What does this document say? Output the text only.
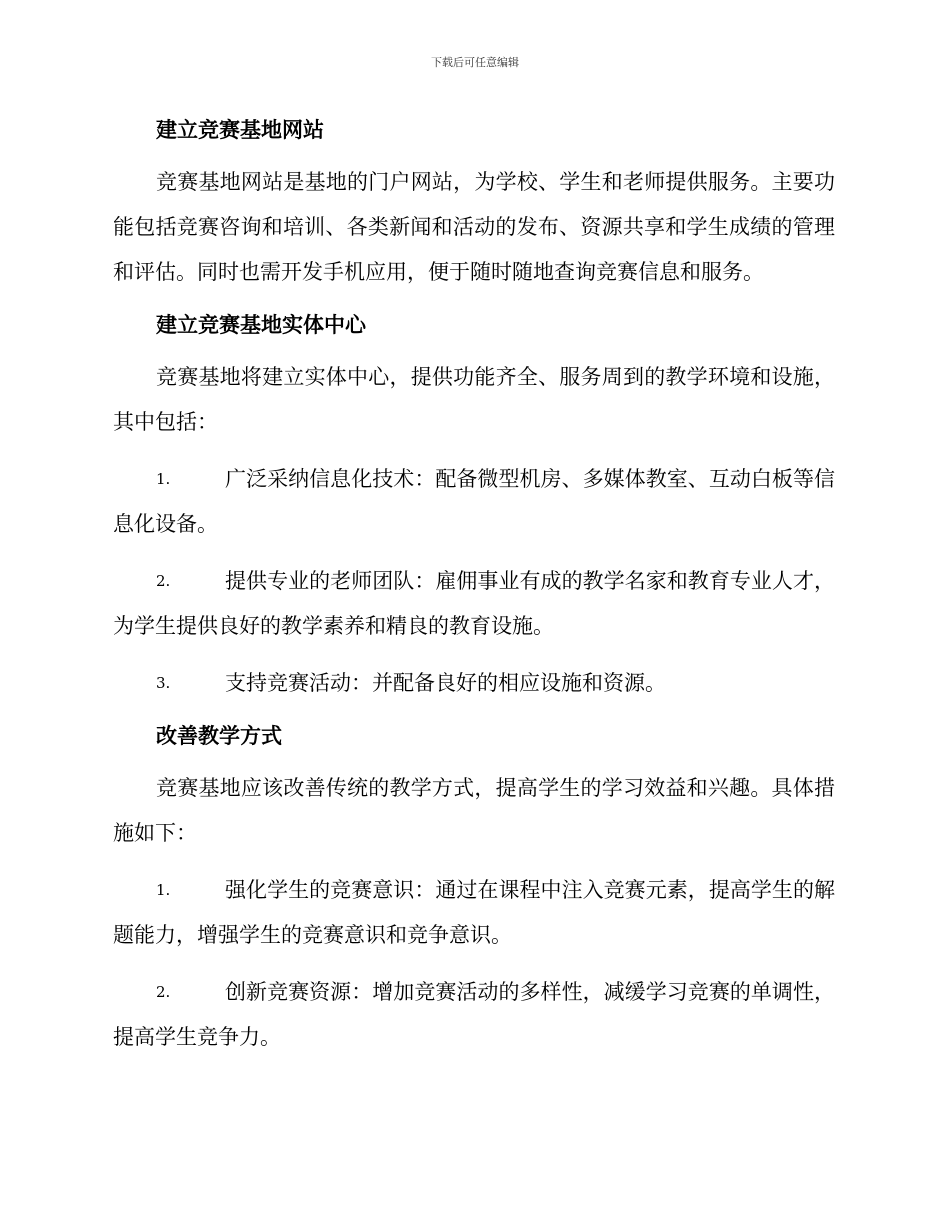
下载后可任意编辑
建立竞赛基地网站

竞赛基地网站是基地的门户网站，为学校、学生和老师提供服务。主要功能包括竞赛咨询和培训、各类新闻和活动的发布、资源共享和学生成绩的管理和评估。同时也需开发手机应用，便于随时随地查询竞赛信息和服务。

建立竞赛基地实体中心

竞赛基地将建立实体中心，提供功能齐全、服务周到的教学环境和设施，其中包括：

1.	广泛采纳信息化技术：配备微型机房、多媒体教室、互动白板等信息化设备。

2.	提供专业的老师团队：雇佣事业有成的教学名家和教育专业人才，为学生提供良好的教学素养和精良的教育设施。

3.	支持竞赛活动：并配备良好的相应设施和资源。

改善教学方式

竞赛基地应该改善传统的教学方式，提高学生的学习效益和兴趣。具体措施如下：

1.	强化学生的竞赛意识：通过在课程中注入竞赛元素，提高学生的解题能力，增强学生的竞赛意识和竞争意识。

2.	创新竞赛资源：增加竞赛活动的多样性，减缓学习竞赛的单调性，提高学生竞争力。
